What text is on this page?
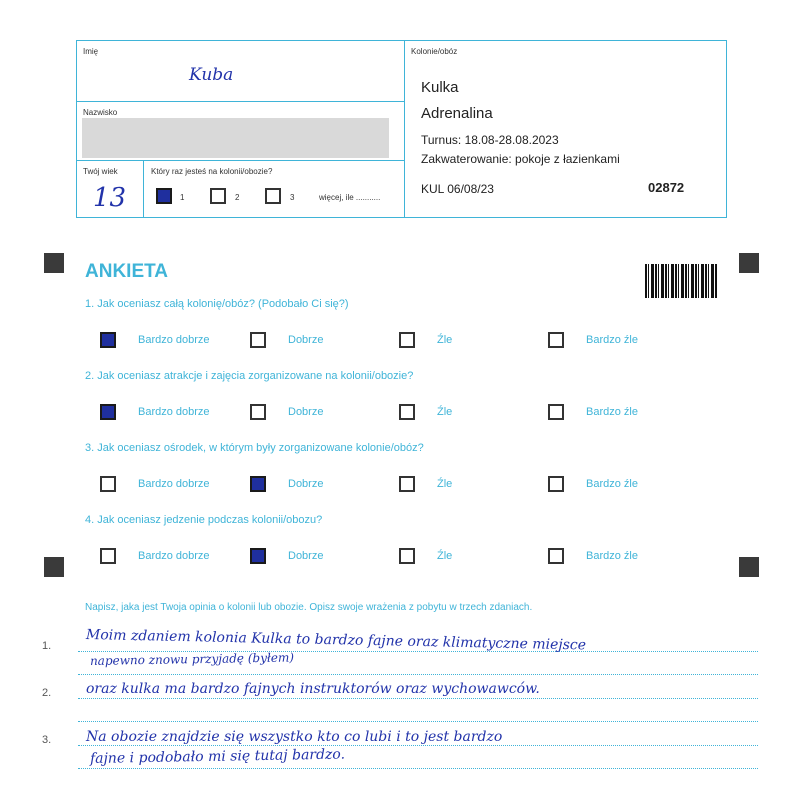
Imię
Kuba
Nazwisko
Twój wiek
13
Który raz jesteś na kolonii/obozie?
1	2	3	więcej, ile ...........
Kolonie/obóz
Kulka
Adrenalina
Turnus: 18.08-28.08.2023
Zakwaterowanie: pokoje z łazienkami
KUL 06/08/23	02872
ANKIETA
1. Jak oceniasz całą kolonię/obóz? (Podobało Ci się?)
Bardzo dobrze	Dobrze	Źle	Bardzo źle
2. Jak oceniasz atrakcje i zajęcia zorganizowane na kolonii/obozie?
Bardzo dobrze	Dobrze	Źle	Bardzo źle
3. Jak oceniasz ośrodek, w którym były zorganizowane kolonie/obóz?
Bardzo dobrze	Dobrze	Źle	Bardzo źle
4. Jak oceniasz jedzenie podczas kolonii/obozu?
Bardzo dobrze	Dobrze	Źle	Bardzo źle
Napisz, jaka jest Twoja opinia o kolonii lub obozie. Opisz swoje wrażenia z pobytu w trzech zdaniach.
1.
2.
3.
Moim zdaniem kolonia Kulka to bardzo fajne oraz klimatyczne miejsce
napewno znowu przyjadę (byłem)
oraz kulka ma bardzo fajnych instruktorów oraz wychowawców.
Na obozie znajdzie się wszystko kto co lubi i to jest bardzo
fajne i podobało mi się tutaj bardzo.
